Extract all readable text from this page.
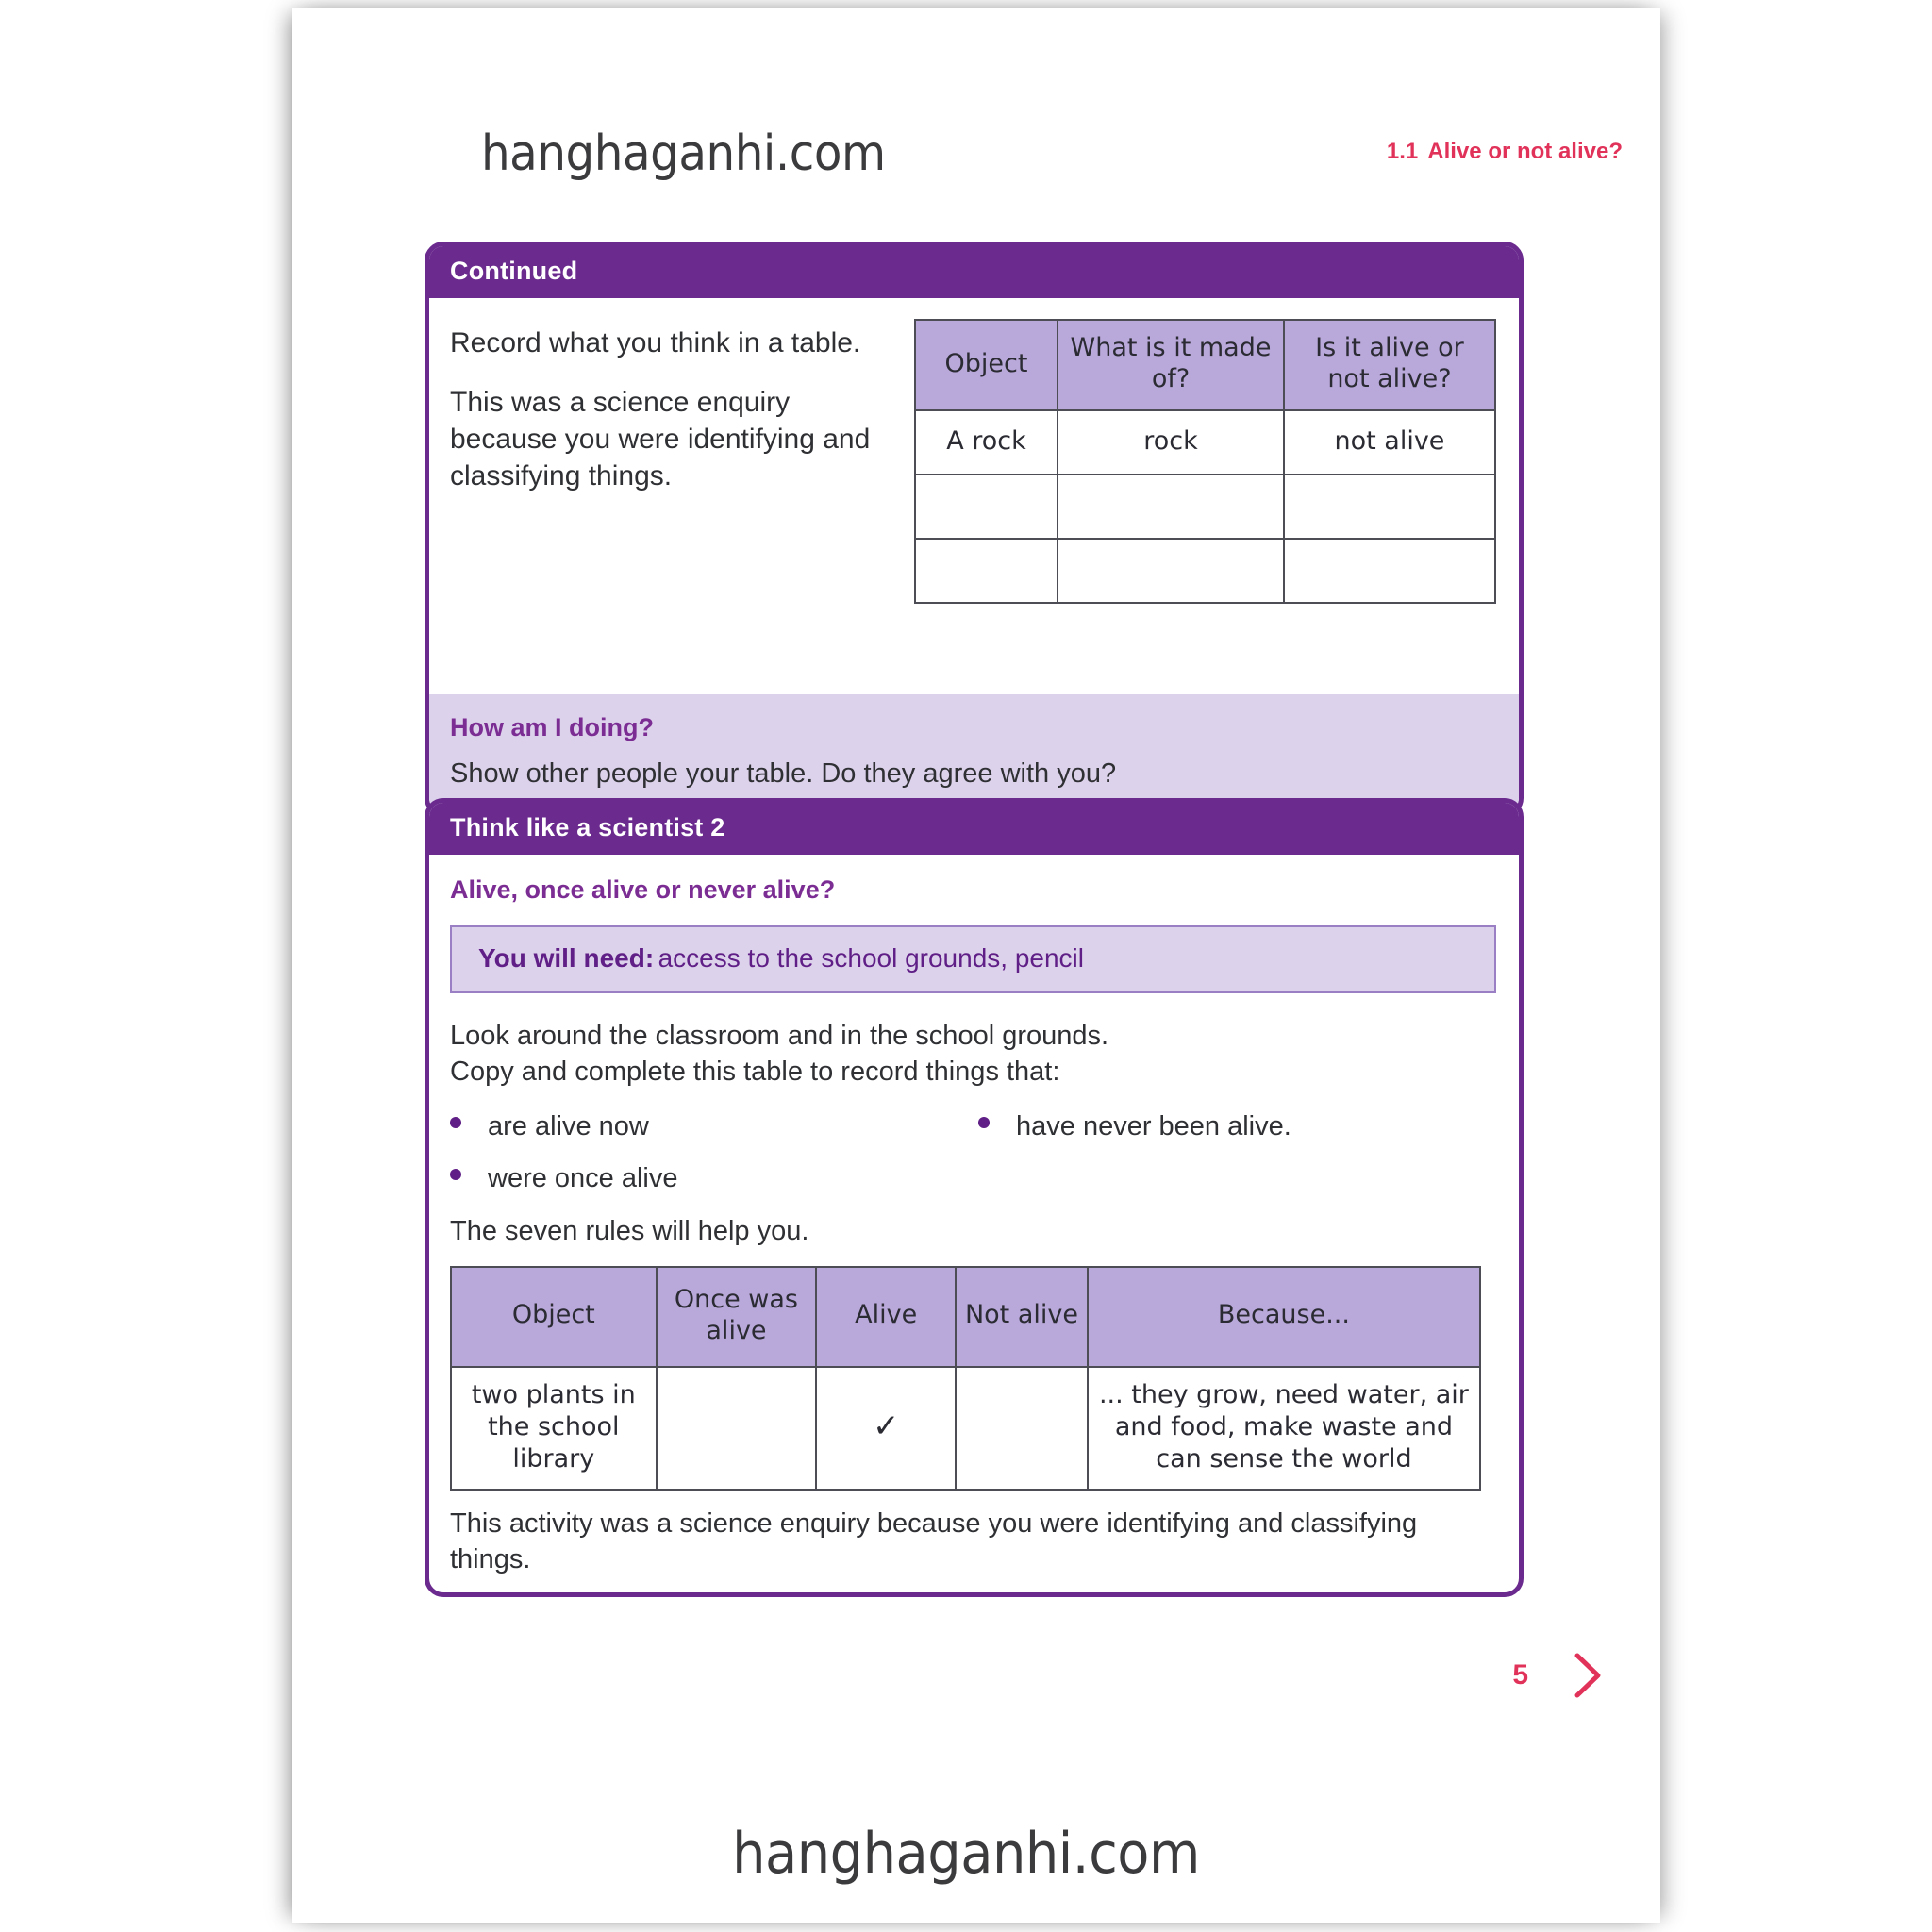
hanghaganhi.com	1.1 Alive or not alive?
Continued

Record what you think in a table.

This was a science enquiry because you were identifying and classifying things.

Object	What is it made of?	Is it alive or not alive?
A rock	rock	not alive

How am I doing?
Show other people your table. Do they agree with you?
Think like a scientist 2
Alive, once alive or never alive?
You will need: access to the school grounds, pencil
Look around the classroom and in the school grounds.
Copy and complete this table to record things that:
are alive now
were once alive
have never been alive.
The seven rules will help you.
Object	Once was alive	Alive	Not alive	Because...
two plants in the school library		✓		... they grow, need water, air and food, make waste and can sense the world
This activity was a science enquiry because you were identifying and classifying things.
5
hanghaganhi.com
